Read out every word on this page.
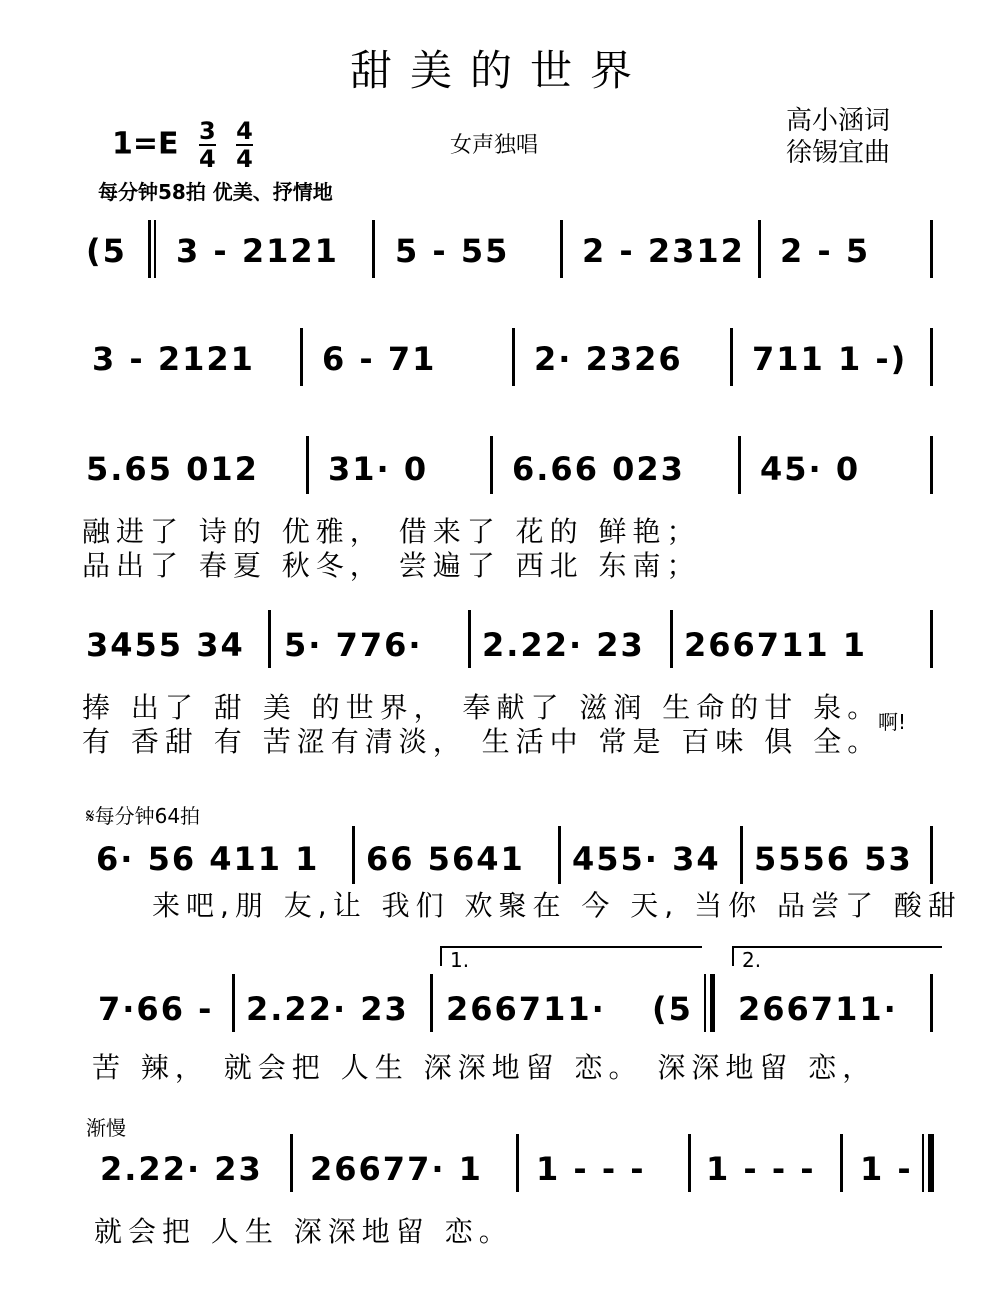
甜美的世界
$1=E \frac{3}{4}$
$\frac{4}{4}$	女声独唱
高小涵词
徐锡宜曲
每分钟58拍 优美、抒情地
(5 3 - 2121 5 - 55 2 - 2312 2 - 5
3 - 2121 6 - 71	2· 2326 711 1 -)
5.65 012 31· 0	6.66 023 45· 0
融进了 诗的 优雅， 借来了 花的 鲜艳；
品出了 春夏 秋冬， 尝遍了 西北 东南；
3455 34 5· 776· 2.22· 23 266711 1
捧 出了 甜 美 的世界， 奉献了 滋润 生命的甘 泉。
有 香甜 有 苦涩有清淡， 生活中 常是 百味 俱 全。
啊!
𝄋每分钟64拍
6· 56 411 1 66 5641 455· 34 5556 53
来吧,朋 友,让 我们 欢聚在 今 天, 当你 品尝了 酸甜
1.	2.
7·66 - 2.22· 23 266711· (5 266711·
苦 辣， 就会把 人生 深深地留 恋。 深深地留 恋，
渐慢
2.22· 23 26677· 1 1 - - - 1 - - - 1 -
就会把 人生 深深地留 恋。
